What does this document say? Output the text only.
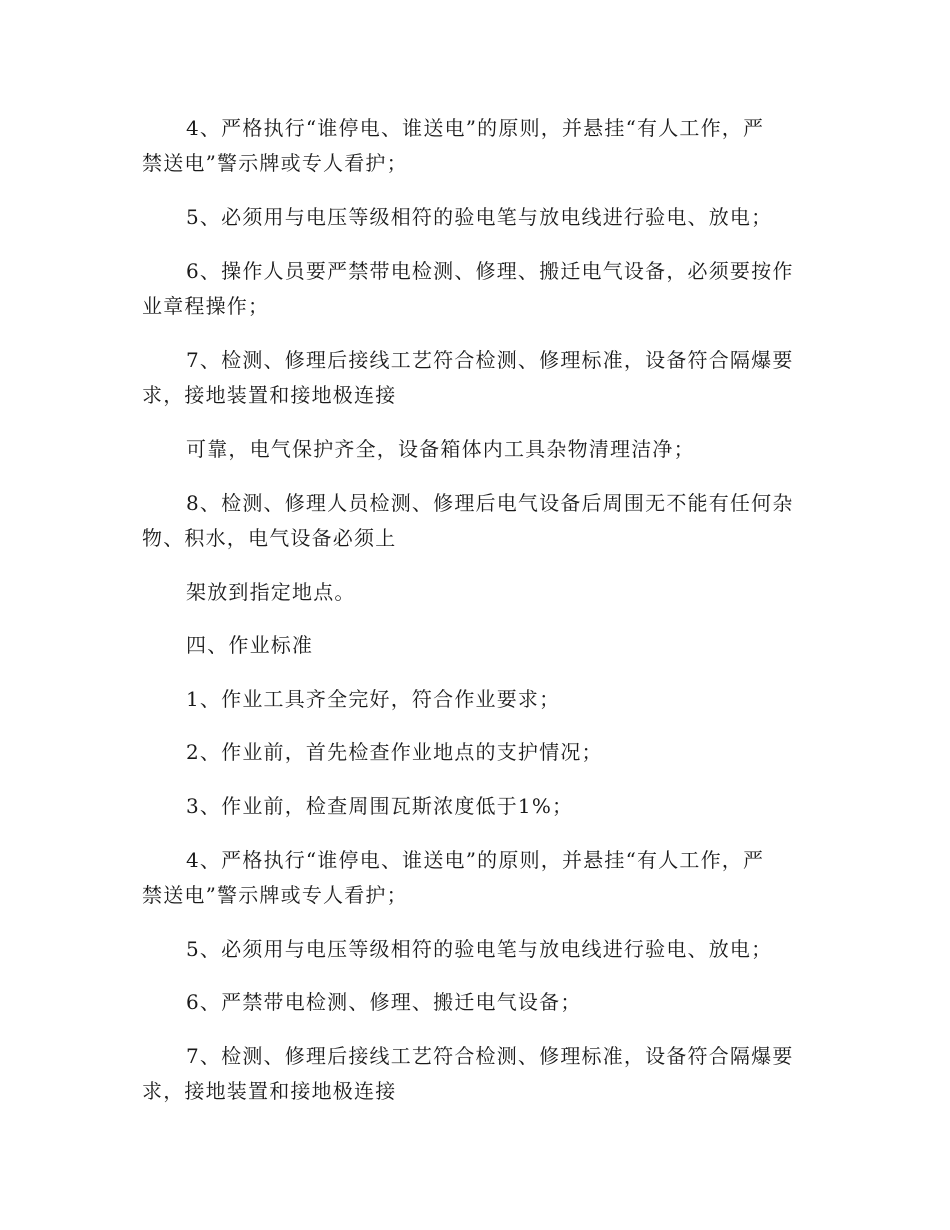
4、严格执行“谁停电、谁送电”的原则，并悬挂“有人工作，严
禁送电”警示牌或专人看护；
5、必须用与电压等级相符的验电笔与放电线进行验电、放电；
6、操作人员要严禁带电检测、修理、搬迁电气设备，必须要按作
业章程操作；
7、检测、修理后接线工艺符合检测、修理标准，设备符合隔爆要
求，接地装置和接地极连接
可靠，电气保护齐全，设备箱体内工具杂物清理洁净；
8、检测、修理人员检测、修理后电气设备后周围无不能有任何杂
物、积水，电气设备必须上
架放到指定地点。
四、作业标准
1、作业工具齐全完好，符合作业要求；
2、作业前，首先检查作业地点的支护情况；
3、作业前，检查周围瓦斯浓度低于1%；
4、严格执行“谁停电、谁送电”的原则，并悬挂“有人工作，严
禁送电”警示牌或专人看护；
5、必须用与电压等级相符的验电笔与放电线进行验电、放电；
6、严禁带电检测、修理、搬迁电气设备；
7、检测、修理后接线工艺符合检测、修理标准，设备符合隔爆要
求，接地装置和接地极连接
